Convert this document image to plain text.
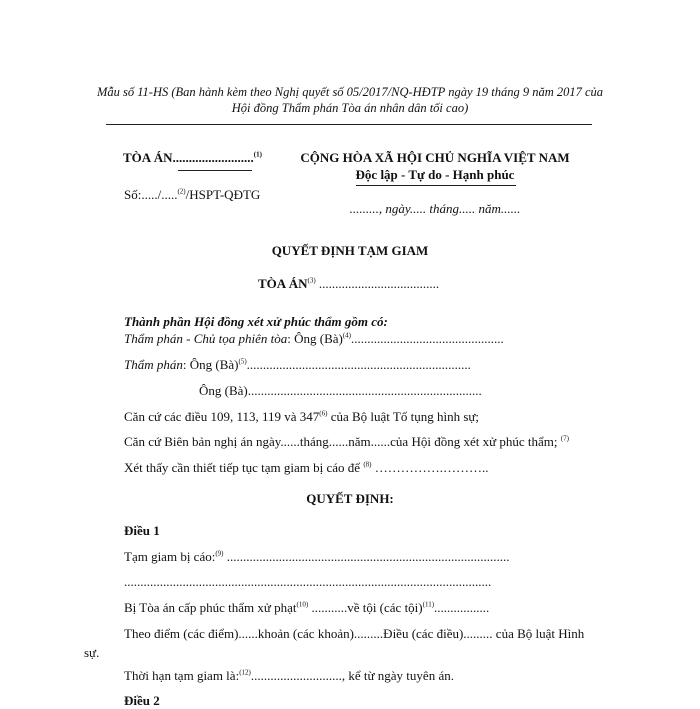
Mẫu số 11-HS (Ban hành kèm theo Nghị quyết số 05/2017/NQ-HĐTP ngày 19 tháng 9 năm 2017 của
Hội đồng Thẩm phán Tòa án nhân dân tối cao)
TÒA ÁN.........................$^{(1)}$
Số:...../.....$^{(2)}$/HSPT-QĐTG
CỘNG HÒA XÃ HỘI CHỦ NGHĨA VIỆT NAM
Độc lập - Tự do - Hạnh phúc
........., ngày..... tháng..... năm......
QUYẾT ĐỊNH TẠM GIAM
TÒA ÁN$^{(3)}$ .....................................
Thành phần Hội đồng xét xử phúc thẩm gồm có:
Thẩm phán - Chủ tọa phiên tòa: Ông (Bà)$^{(4)}$...............................................
Thẩm phán: Ông (Bà)$^{(5)}$.....................................................................
Ông (Bà)........................................................................
Căn cứ các điều 109, 113, 119 và 347$^{(6)}$ của Bộ luật Tố tụng hình sự;
Căn cứ Biên bản nghị án ngày......tháng......năm......của Hội đồng xét xử phúc thẩm; $^{(7)}$
Xét thấy cần thiết tiếp tục tạm giam bị cáo để $^{(8)}$ …………….………..
QUYẾT ĐỊNH:
Điều 1
Tạm giam bị cáo:$^{(9)}$ .......................................................................................
.................................................................................................................
Bị Tòa án cấp phúc thẩm xử phạt$^{(10)}$ ...........về tội (các tội)$^{(11)}$.................
Theo điểm (các điểm)......khoản (các khoản).........Điều (các điều)......... của Bộ luật Hình
sự.
Thời hạn tạm giam là:$^{(12)}$............................, kể từ ngày tuyên án.
Điều 2
